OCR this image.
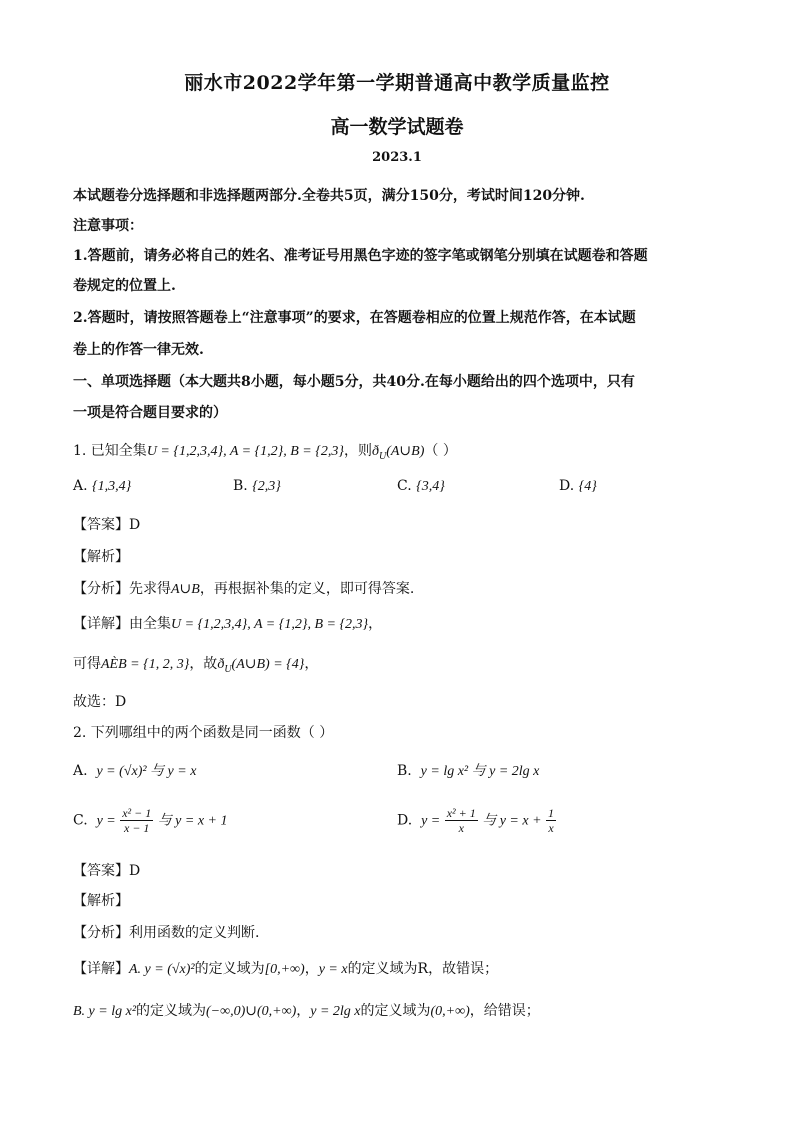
丽水市2022学年第一学期普通高中教学质量监控
高一数学试题卷
2023.1
本试题卷分选择题和非选择题两部分.全卷共5页，满分150分，考试时间120分钟.
注意事项：
1.答题前，请务必将自己的姓名、准考证号用黑色字迹的签字笔或钢笔分别填在试题卷和答题
卷规定的位置上.
2.答题时，请按照答题卷上“注意事项”的要求，在答题卷相应的位置上规范作答，在本试题
卷上的作答一律无效.
一、单项选择题（本大题共8小题，每小题5分，共40分.在每小题给出的四个选项中，只有
一项是符合题目要求的）
1. 已知全集U = {1,2,3,4}, A = {1,2}, B = {2,3}，则$ð_U(A\cup B)$（ ）
A. {1,3,4}	B. {2,3}	C. {3,4}	D. {4}
【答案】D
【解析】
【分析】先求得A∪B，再根据补集的定义，即可得答案.
【详解】由全集U = {1,2,3,4}, A = {1,2}, B = {2,3}，
可得AÈB = {1, 2, 3}，故$ð_U(A\cup B) = \{4\}$，
故选：D
2. 下列哪组中的两个函数是同一函数（ ）
A. y = (√x)² 与 y = x	B. y = lg x² 与 y = 2lg x
C. $y = \frac{\text{x² − 1}}{x - 1}$ 与 y = x + 1	D. $y = \frac{\text{x² + 1}}{x}$ 与 $y = x + \frac{1}{x}$
【答案】D
【解析】
【分析】利用函数的定义判断.
【详解】A. y = (√x)²的定义域为[0,+∞)，y = x的定义域为R，故错误；
B. y = lg x²的定义域为(−∞,0)∪(0,+∞)，y = 2lg x的定义域为(0,+∞)，给错误；
